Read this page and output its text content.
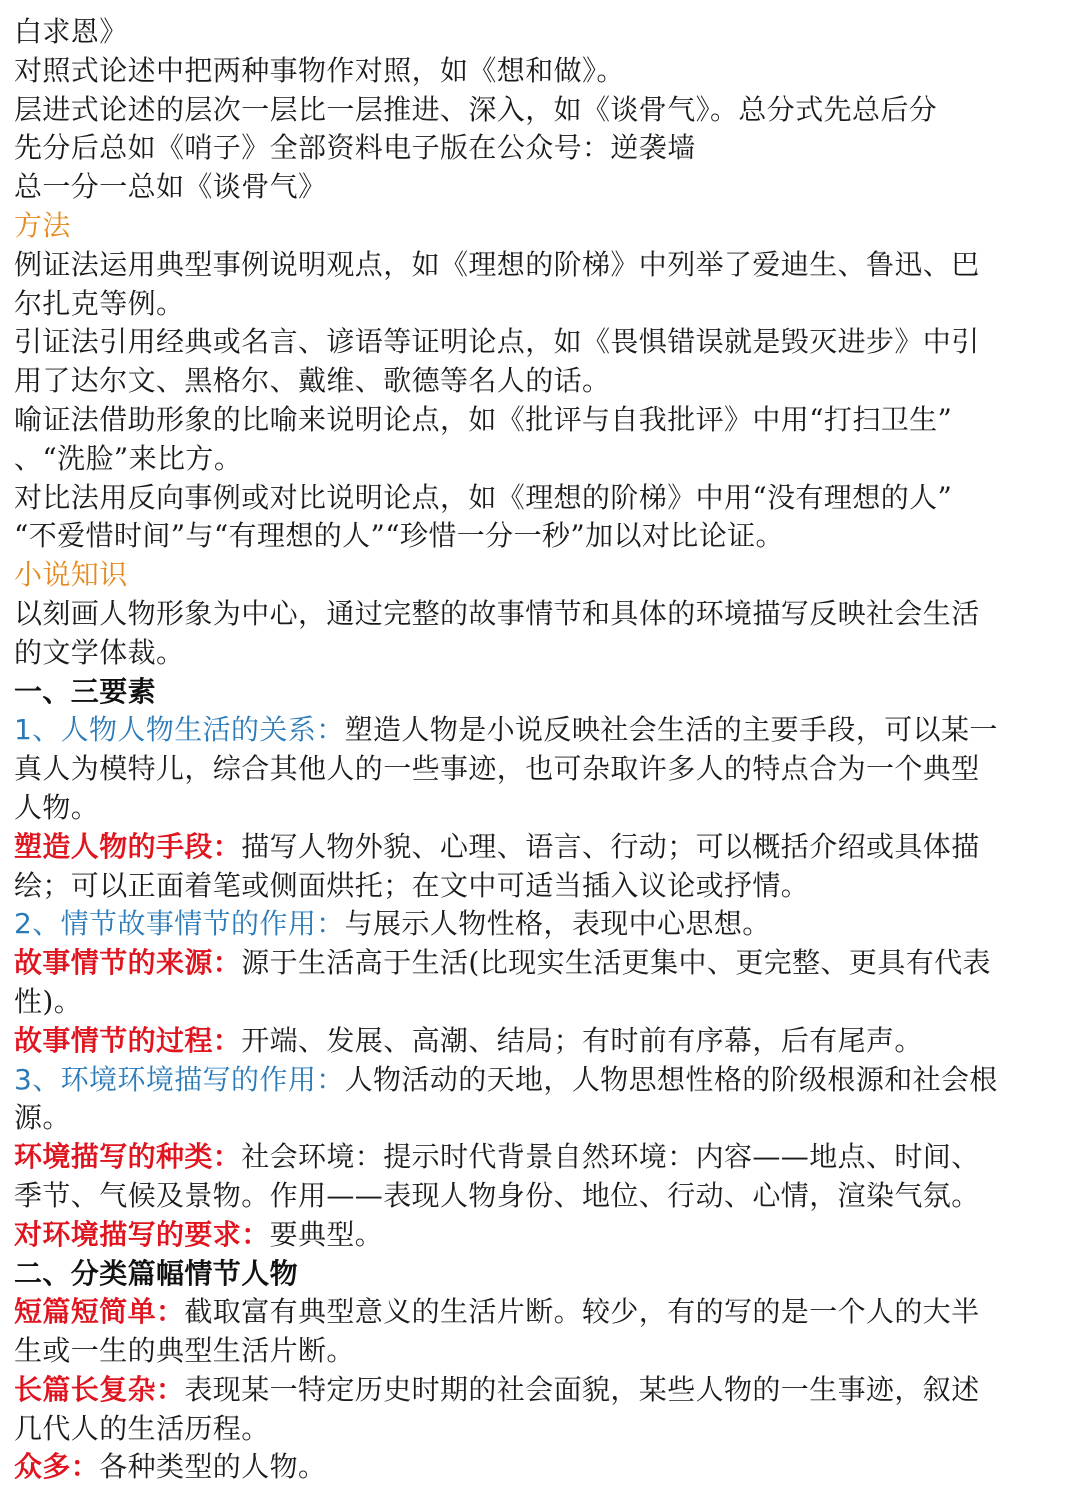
白求恩》
对照式论述中把两种事物作对照，如《想和做》。
层进式论述的层次一层比一层推进、深入，如《谈骨气》。总分式先总后分
先分后总如《哨子》全部资料电子版在公众号：逆袭墙
总一分一总如《谈骨气》
方法
例证法运用典型事例说明观点，如《理想的阶梯》中列举了爱迪生、鲁迅、巴
尔扎克等例。
引证法引用经典或名言、谚语等证明论点，如《畏惧错误就是毁灭进步》中引
用了达尔文、黑格尔、戴维、歌德等名人的话。
喻证法借助形象的比喻来说明论点，如《批评与自我批评》中用“打扫卫生”
、“洗脸”来比方。
对比法用反向事例或对比说明论点，如《理想的阶梯》中用“没有理想的人”
“不爱惜时间”与“有理想的人”“珍惜一分一秒”加以对比论证。
小说知识
以刻画人物形象为中心，通过完整的故事情节和具体的环境描写反映社会生活
的文学体裁。
一、三要素
1、人物人物生活的关系：塑造人物是小说反映社会生活的主要手段，可以某一
真人为模特儿，综合其他人的一些事迹，也可杂取许多人的特点合为一个典型
人物。
塑造人物的手段：描写人物外貌、心理、语言、行动；可以概括介绍或具体描
绘；可以正面着笔或侧面烘托；在文中可适当插入议论或抒情。
2、情节故事情节的作用：与展示人物性格，表现中心思想。
故事情节的来源：源于生活高于生活(比现实生活更集中、更完整、更具有代表
性)。
故事情节的过程：开端、发展、高潮、结局；有时前有序幕，后有尾声。
3、环境环境描写的作用：人物活动的天地，人物思想性格的阶级根源和社会根
源。
环境描写的种类：社会环境：提示时代背景自然环境：内容——地点、时间、
季节、气候及景物。作用——表现人物身份、地位、行动、心情，渲染气氛。
对环境描写的要求：要典型。
二、分类篇幅情节人物
短篇短简单：截取富有典型意义的生活片断。较少，有的写的是一个人的大半
生或一生的典型生活片断。
长篇长复杂：表现某一特定历史时期的社会面貌，某些人物的一生事迹，叙述
几代人的生活历程。
众多：各种类型的人物。
